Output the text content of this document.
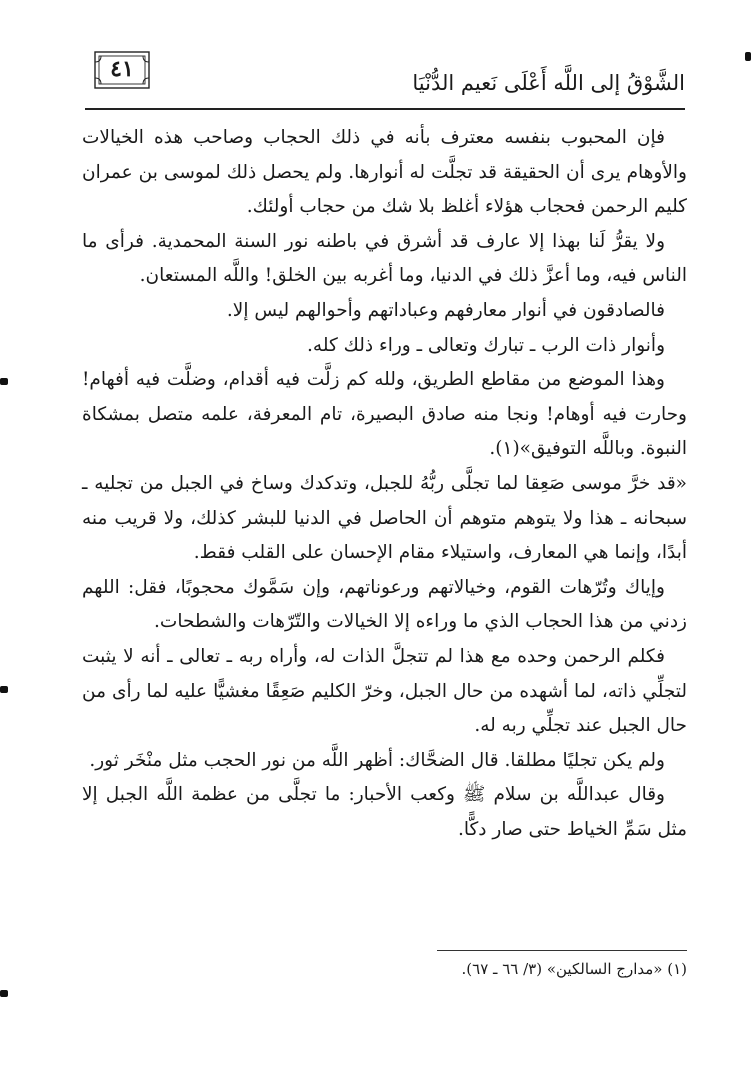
الشَّوْقُ إلى اللَّه أَعْلَى نَعيم الدُّنْيَا
٤١

فإن المحبوب بنفسه معترف بأنه في ذلك الحجاب وصاحب هذه الخيالات والأوهام يرى أن الحقيقة قد تجلَّت له أنوارها. ولم يحصل ذلك لموسى بن عمران كليم الرحمن فحجاب هؤلاء أغلظ بلا شك من حجاب أولئك.

ولا يقرُّ لَنا بهذا إلا عارف قد أشرق في باطنه نور السنة المحمدية. فرأى ما الناس فيه، وما أعزَّ ذلك في الدنيا، وما أغربه بين الخلق! واللَّه المستعان.

فالصادقون في أنوار معارفهم وعباداتهم وأحوالهم ليس إلا.

وأنوار ذات الرب ـ تبارك وتعالى ـ وراء ذلك كله.

وهذا الموضع من مقاطع الطريق، ولله كم زلَّت فيه أقدام، وضلَّت فيه أفهام! وحارت فيه أوهام! ونجا منه صادق البصيرة، تام المعرفة، علمه متصل بمشكاة النبوة. وباللَّه التوفيق»(١).

«قد خرَّ موسى صَعِقا لما تجلَّى ربُّهُ للجبل، وتدكدك وساخ في الجبل من تجليه ـ سبحانه ـ هذا ولا يتوهم متوهم أن الحاصل في الدنيا للبشر كذلك، ولا قريب منه أبدًا، وإنما هي المعارف، واستيلاء مقام الإحسان على القلب فقط.

وإياك وتُرّهات القوم، وخيالاتهم ورعوناتهم، وإن سَمَّوك محجوبًا، فقل: اللهم زدني من هذا الحجاب الذي ما وراءه إلا الخيالات والتّرّهات والشطحات.

فكلم الرحمن وحده مع هذا لم تتجلَّ الذات له، وأراه ربه ـ تعالى ـ أنه لا يثبت لتجلِّي ذاته، لما أشهده من حال الجبل، وخرّ الكليم صَعِقًا مغشيًّا عليه لما رأى من حال الجبل عند تجلِّي ربه له.

ولم يكن تجليًا مطلقا. قال الضحَّاك: أظهر اللَّه من نور الحجب مثل منْخَر ثور.

وقال عبداللَّه بن سلام ﷺ وكعب الأحبار: ما تجلَّى من عظمة اللَّه الجبل إلا مثل سَمِّ الخياط حتى صار دكًّا.

(١) «مدارج السالكين» (٣/ ٦٦ ـ ٦٧).
